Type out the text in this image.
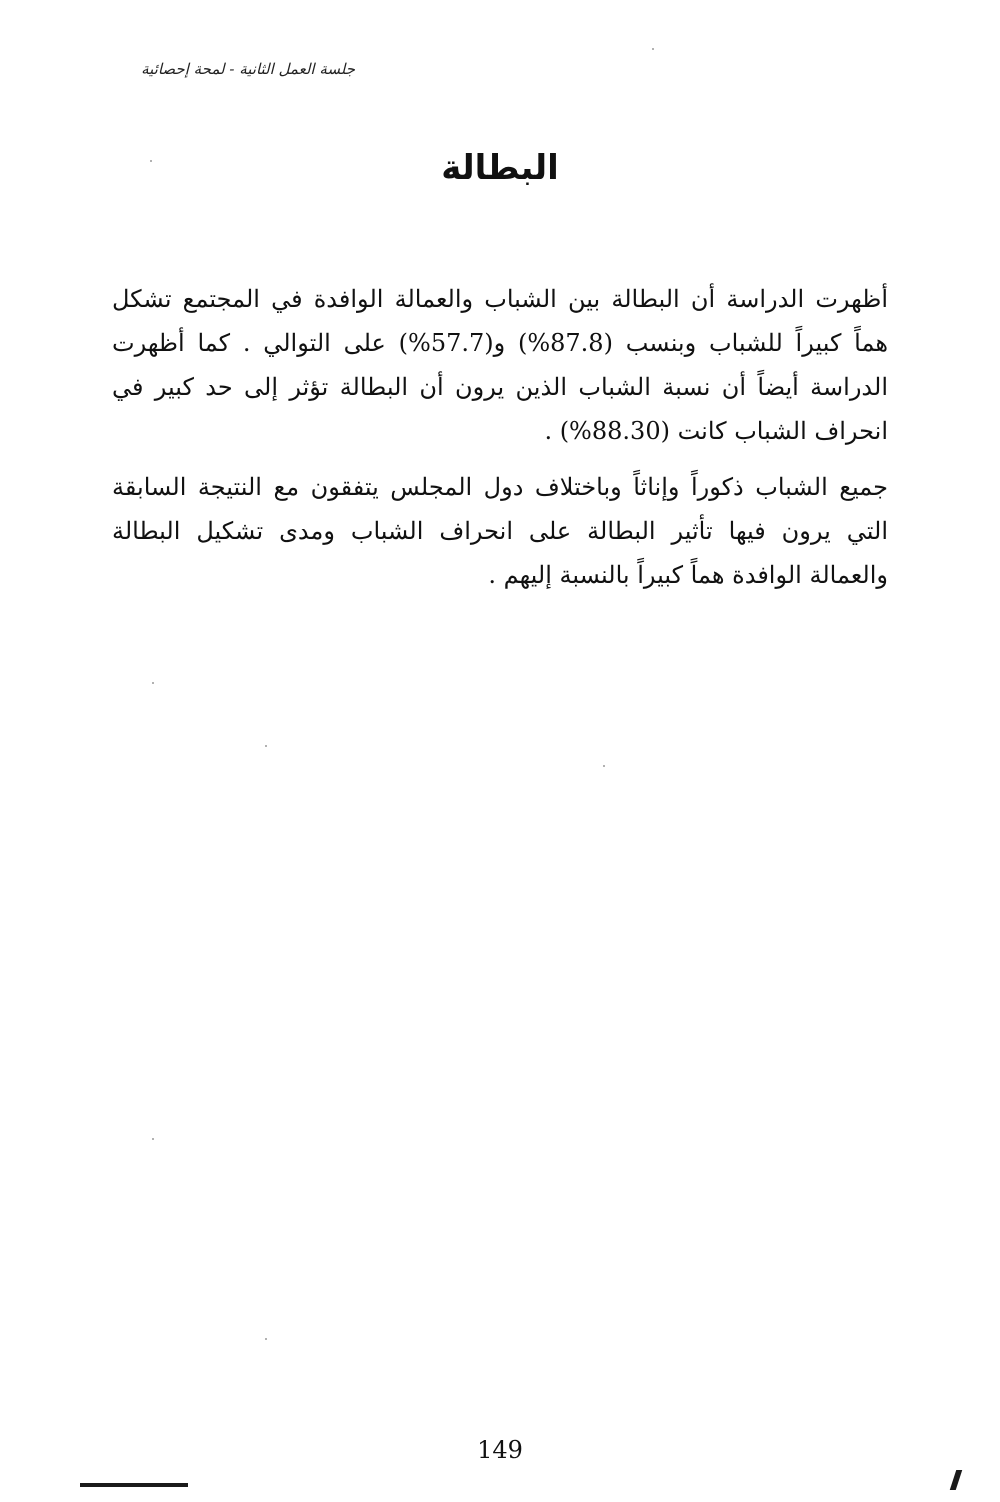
جلسة العمل الثانية - لمحة إحصائية
البطالة

أظهرت الدراسة أن البطالة بين الشباب والعمالة الوافدة في المجتمع تشكل هماً كبيراً للشباب وبنسب (87.8%) و(57.7%) على التوالي . كما أظهرت الدراسة أيضاً أن نسبة الشباب الذين يرون أن البطالة تؤثر إلى حد كبير في انحراف الشباب كانت (88.30%) .

جميع الشباب ذكوراً وإناثاً وباختلاف دول المجلس يتفقون مع النتيجة السابقة التي يرون فيها تأثير البطالة على انحراف الشباب ومدى تشكيل البطالة والعمالة الوافدة هماً كبيراً بالنسبة إليهم .

149
